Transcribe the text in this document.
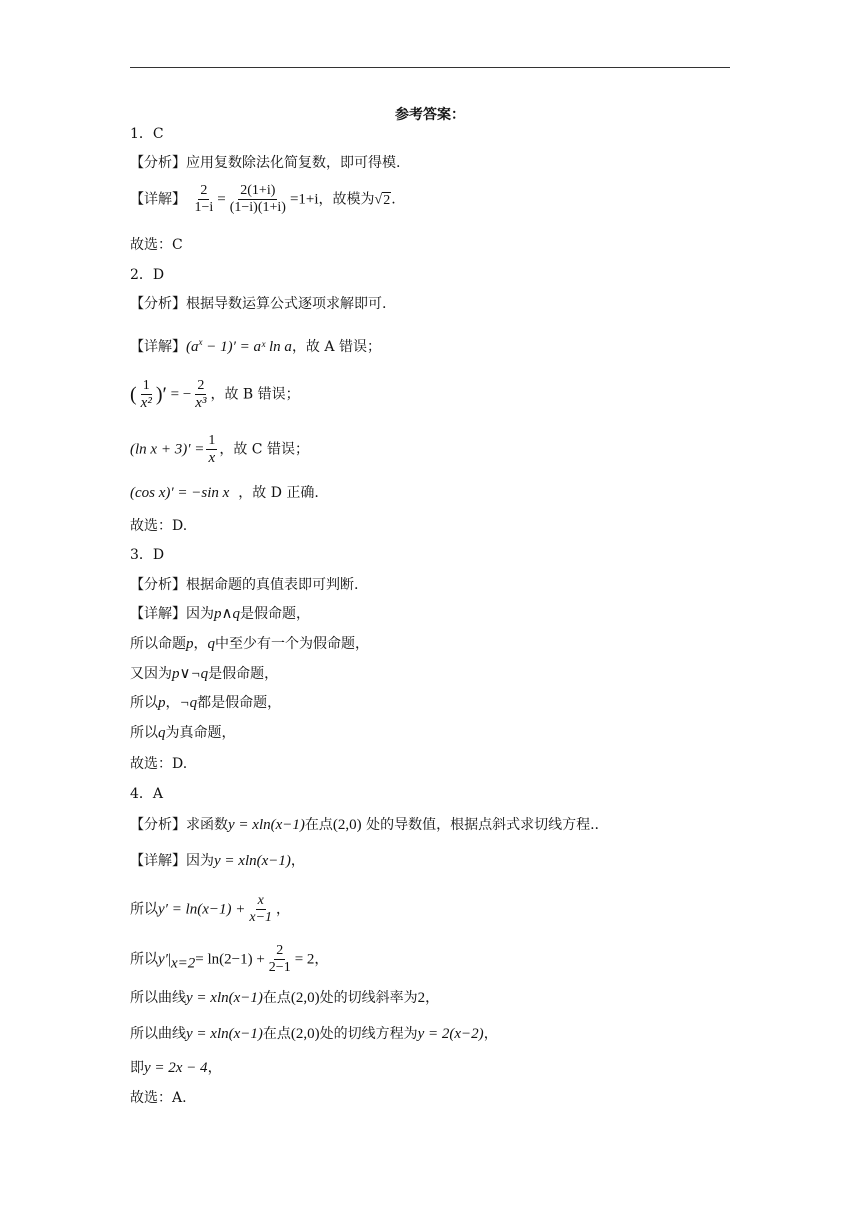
参考答案：
1．C
【分析】应用复数除法化简复数，即可得模.
【详解】 $\frac{2}{1-i} = \frac{2(1+i)}{(1-i)(1+i)} =1+i$，故模为√2.
故选：C
2．D
【分析】根据导数运算公式逐项求解即可.
【详解】$(a^x - 1)'$ = aˣ ln a，故 A 错误；
( $\frac{1}{\text{x²}}$ )′ = − $\frac{2}{\text{x³}}$ ，故 B 错误；
(ln $x + 3)' = \frac{1}{x}$ ，故 C 错误；
(cos x)′ = −sin x ，故 D 正确.
故选：D.
3．D
【分析】根据命题的真值表即可判断.
【详解】因为p∧q是假命题，
所以命题p，q中至少有一个为假命题，
又因为p∨¬q是假命题，
所以p，¬q都是假命题，
所以q为真命题，
故选：D.
4．A
【分析】求函数y = xln(x−1)在点(2,0) 处的导数值，根据点斜式求切线方程..
【详解】因为y = xln(x−1)，
所以$y' = \ln(x-1) + \frac{x}{x-1}$ ，
所以$y'|_{x=2}= \ln(2-1) + \frac{2}{2-1} = 2$，
所以曲线y = xln(x−1)在点(2,0)处的切线斜率为2，
所以曲线y = xln(x−1)在点(2,0)处的切线方程为y = 2(x−2)，
即y = 2x − 4，
故选：A.
